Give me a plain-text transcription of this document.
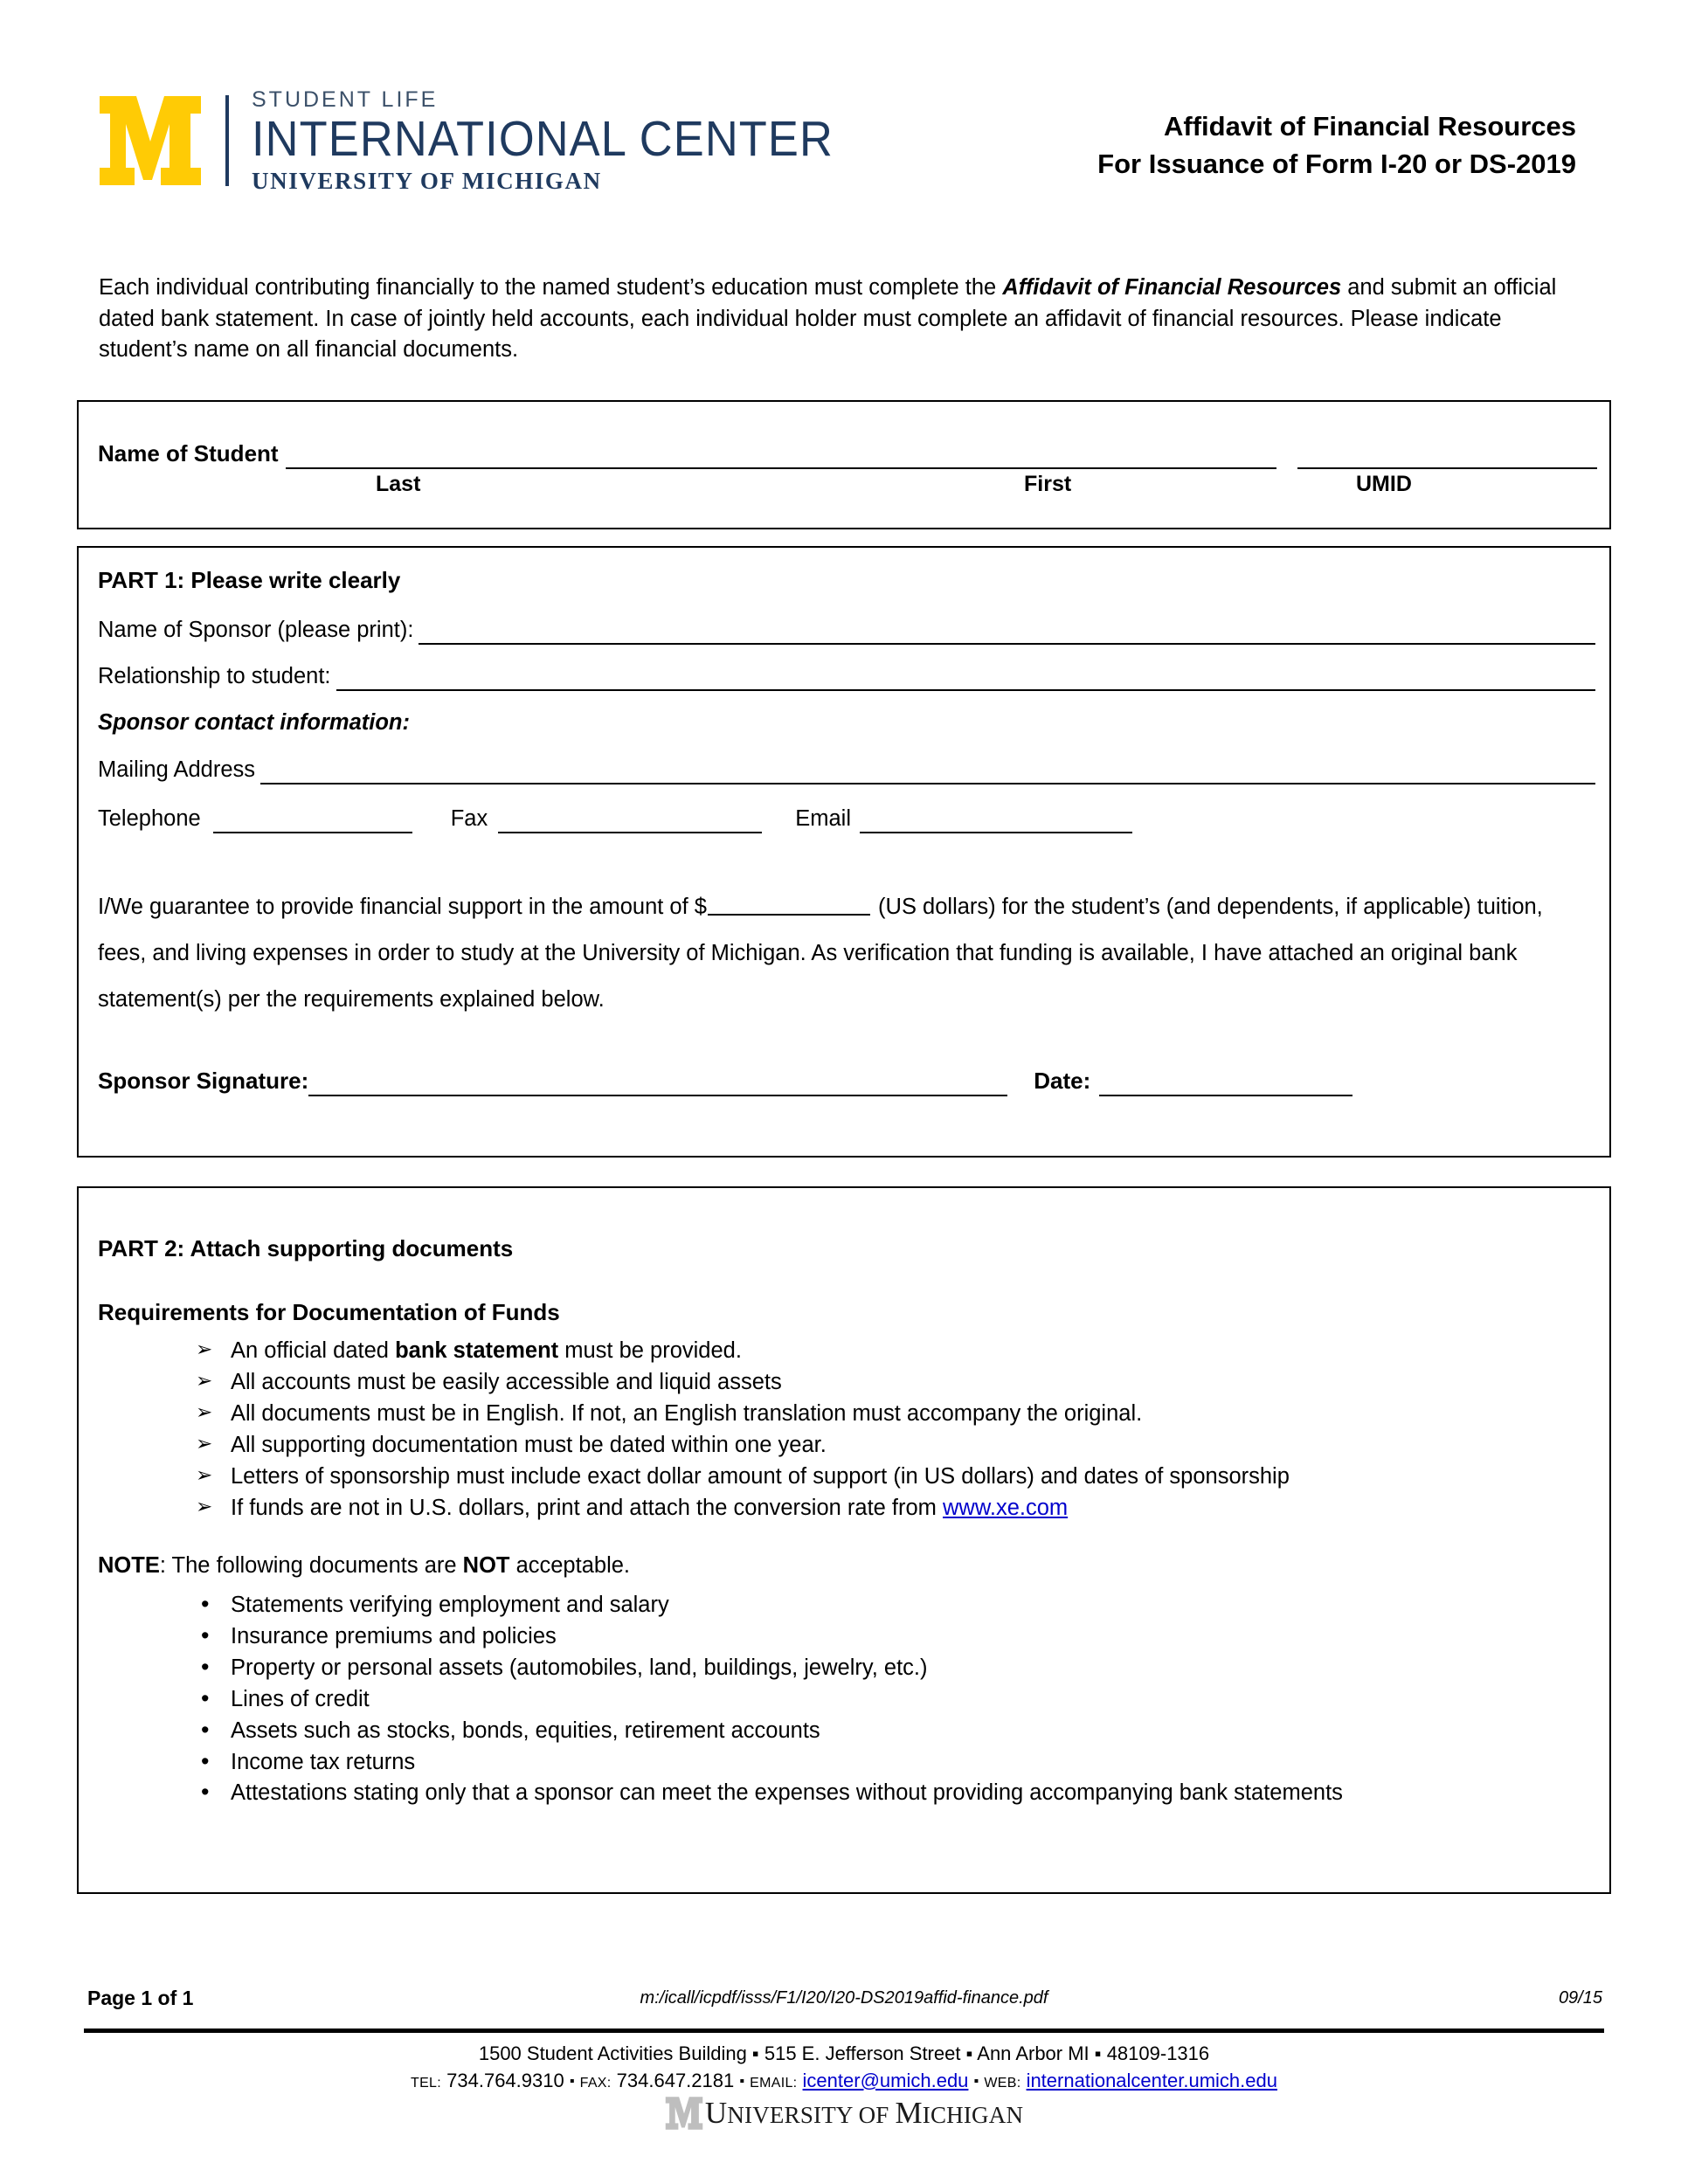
STUDENT LIFE
INTERNATIONAL CENTER
UNIVERSITY OF MICHIGAN
Affidavit of Financial Resources
For Issuance of Form I-20 or DS-2019
Each individual contributing financially to the named student’s education must complete the Affidavit of Financial Resources and submit an official dated bank statement. In case of jointly held accounts, each individual holder must complete an affidavit of financial resources. Please indicate student’s name on all financial documents.
Name of Student
Last	First	UMID
PART 1: Please write clearly
Name of Sponsor (please print):
Relationship to student:
Sponsor contact information:
Mailing Address
Telephone	Fax	Email
I/We guarantee to provide financial support in the amount of $	(US dollars) for the student’s (and dependents, if applicable) tuition, fees, and living expenses in order to study at the University of Michigan. As verification that funding is available, I have attached an original bank statement(s) per the requirements explained below.
Sponsor Signature:	Date:
PART 2: Attach supporting documents
Requirements for Documentation of Funds
➢ An official dated bank statement must be provided.
➢ All accounts must be easily accessible and liquid assets
➢ All documents must be in English. If not, an English translation must accompany the original.
➢ All supporting documentation must be dated within one year.
➢ Letters of sponsorship must include exact dollar amount of support (in US dollars) and dates of sponsorship
➢ If funds are not in U.S. dollars, print and attach the conversion rate from www.xe.com
NOTE: The following documents are NOT acceptable.
• Statements verifying employment and salary
• Insurance premiums and policies
• Property or personal assets (automobiles, land, buildings, jewelry, etc.)
• Lines of credit
• Assets such as stocks, bonds, equities, retirement accounts
• Income tax returns
• Attestations stating only that a sponsor can meet the expenses without providing accompanying bank statements
Page 1 of 1	m:/icall/icpdf/isss/F1/I20/I20-DS2019affid-finance.pdf	09/15
1500 Student Activities Building ▪ 515 E. Jefferson Street ▪ Ann Arbor MI ▪ 48109-1316
TEL: 734.764.9310 ▪ FAX: 734.647.2181 ▪ EMAIL: icenter@umich.edu ▪ WEB: internationalcenter.umich.edu
UNIVERSITY OF MICHIGAN
